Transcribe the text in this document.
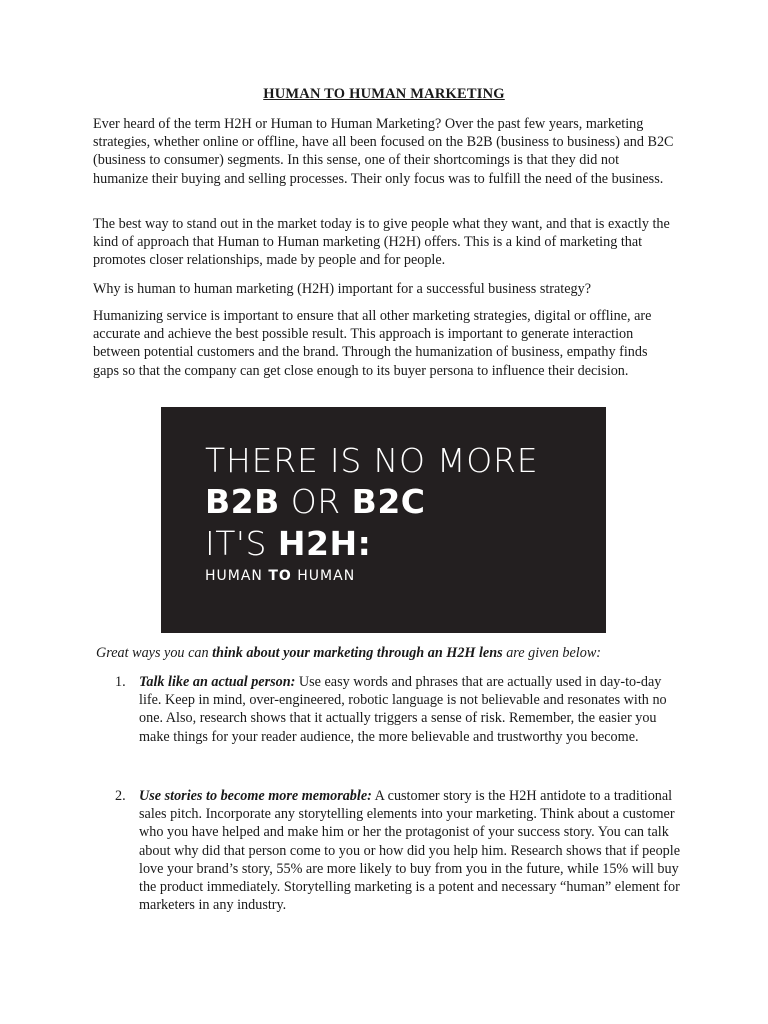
HUMAN TO HUMAN MARKETING

Ever heard of the term H2H or Human to Human Marketing? Over the past few years, marketing strategies, whether online or offline, have all been focused on the B2B (business to business) and B2C (business to consumer) segments. In this sense, one of their shortcomings is that they did not humanize their buying and selling processes. Their only focus was to fulfill the need of the business.

The best way to stand out in the market today is to give people what they want, and that is exactly the kind of approach that Human to Human marketing (H2H) offers. This is a kind of marketing that promotes closer relationships, made by people and for people.

Why is human to human marketing (H2H) important for a successful business strategy?

Humanizing service is important to ensure that all other marketing strategies, digital or offline, are accurate and achieve the best possible result. This approach is important to generate interaction between potential customers and the brand. Through the humanization of business, empathy finds gaps so that the company can get close enough to its buyer persona to influence their decision.

THERE IS NO MORE
B2B OR B2C
IT'S H2H:
HUMAN TO HUMAN
Great ways you can think about your marketing through an H2H lens are given below:
1. Talk like an actual person: Use easy words and phrases that are actually used in day-to-day life. Keep in mind, over-engineered, robotic language is not believable and resonates with no one. Also, research shows that it actually triggers a sense of risk. Remember, the easier you make things for your reader audience, the more believable and trustworthy you become.
2. Use stories to become more memorable: A customer story is the H2H antidote to a traditional sales pitch. Incorporate any storytelling elements into your marketing. Think about a customer who you have helped and make him or her the protagonist of your success story. You can talk about why did that person come to you or how did you help him. Research shows that if people love your brand’s story, 55% are more likely to buy from you in the future, while 15% will buy the product immediately. Storytelling marketing is a potent and necessary “human” element for marketers in any industry.
